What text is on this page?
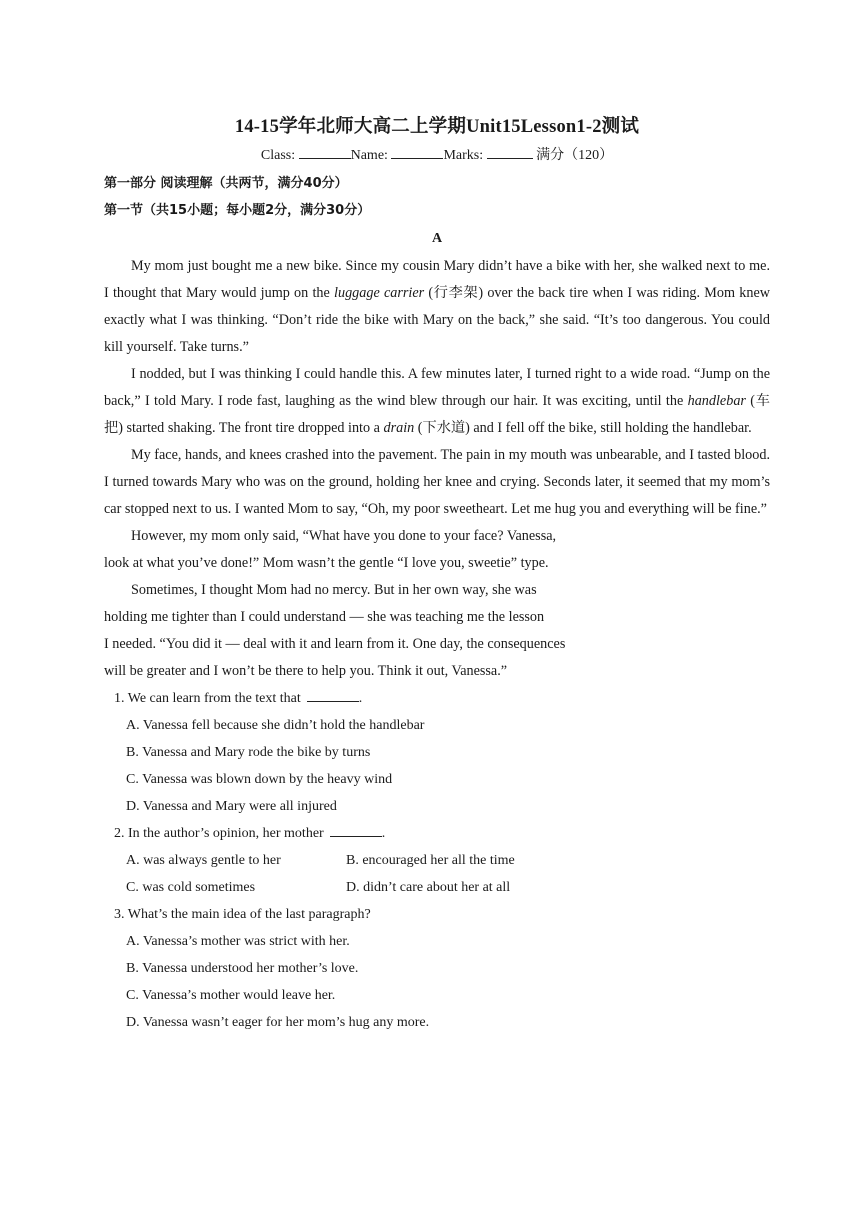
14-15学年北师大高二上学期Unit15Lesson1-2测试

Class:	Name:	Marks:	满分（120）

第一部分 阅读理解（共两节，满分40分）

第一节（共15小题；每小题2分，满分30分）

A

My mom just bought me a new bike. Since my cousin Mary didn’t have a bike with her, she walked next to me. I thought that Mary would jump on the luggage carrier (行李架) over the back tire when I was riding. Mom knew exactly what I was thinking. “Don’t ride the bike with Mary on the back,” she said. “It’s too dangerous. You could kill yourself. Take turns.”

I nodded, but I was thinking I could handle this. A few minutes later, I turned right to a wide road. “Jump on the back,” I told Mary. I rode fast, laughing as the wind blew through our hair. It was exciting, until the handlebar (车把) started shaking. The front tire dropped into a drain (下水道) and I fell off the bike, still holding the handlebar.

My face, hands, and knees crashed into the pavement. The pain in my mouth was unbearable, and I tasted blood. I turned towards Mary who was on the ground, holding her knee and crying. Seconds later, it seemed that my mom’s car stopped next to us. I wanted Mom to say, “Oh, my poor sweetheart. Let me hug you and everything will be fine.”

However, my mom only said, “What have you done to your face? Vanessa,

look at what you’ve done!” Mom wasn’t the gentle “I love you, sweetie” type.

Sometimes, I thought Mom had no mercy. But in her own way, she was

holding me tighter than I could understand — she was teaching me the lesson

I needed. “You did it — deal with it and learn from it. One day, the consequences

will be greater and I won’t be there to help you. Think it out, Vanessa.”

1. We can learn from the text that	.

A. Vanessa fell because she didn’t hold the handlebar

B. Vanessa and Mary rode the bike by turns

C. Vanessa was blown down by the heavy wind

D. Vanessa and Mary were all injured

2. In the author’s opinion, her mother	.

A. was always gentle to her	B. encouraged her all the time
C. was cold sometimes	D. didn’t care about her at all

3. What’s the main idea of the last paragraph?

A. Vanessa’s mother was strict with her.

B. Vanessa understood her mother’s love.

C. Vanessa’s mother would leave her.

D. Vanessa wasn’t eager for her mom’s hug any more.
